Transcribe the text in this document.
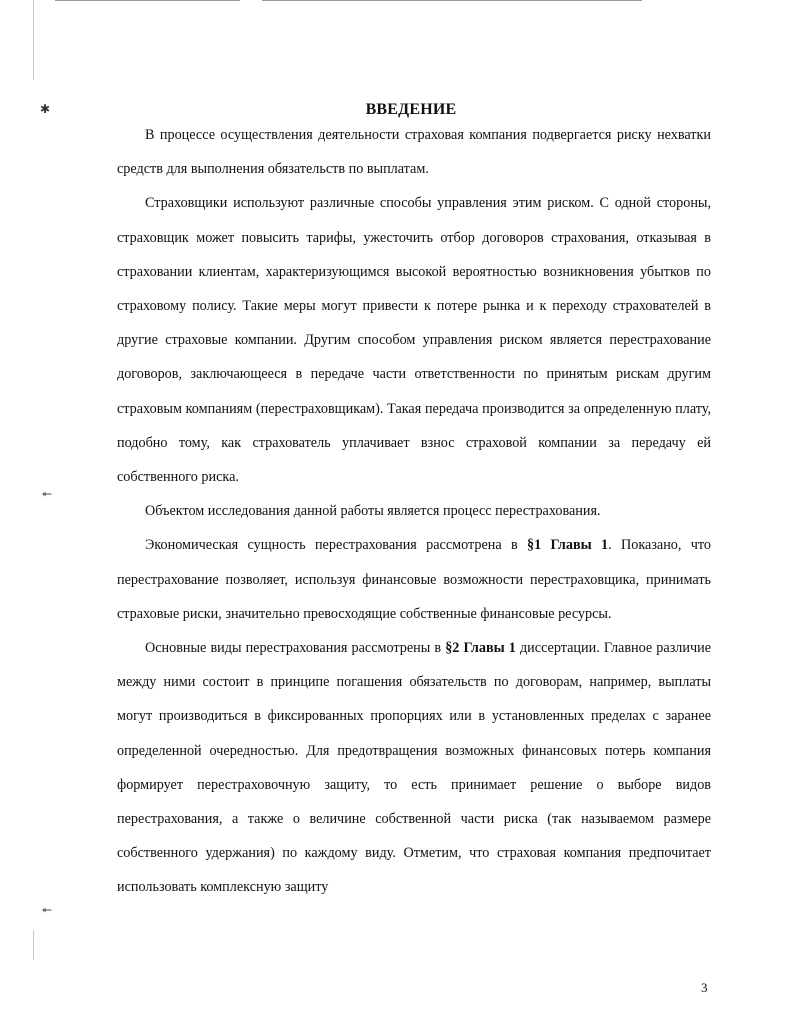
✱
↞
↞
ВВЕДЕНИЕ

В процессе осуществления деятельности страховая компания подвергается риску нехватки средств для выполнения обязательств по выплатам.

Страховщики используют различные способы управления этим риском. С одной стороны, страховщик может повысить тарифы, ужесточить отбор договоров страхования, отказывая в страховании клиентам, характеризующимся высокой вероятностью возникновения убытков по страховому полису. Такие меры могут привести к потере рынка и к переходу страхователей в другие страховые компании. Другим способом управления риском является перестрахование договоров, заключающееся в передаче части ответственности по принятым рискам другим страховым компаниям (перестраховщикам). Такая передача производится за определенную плату, подобно тому, как страхователь уплачивает взнос страховой компании за передачу ей собственного риска.

Объектом исследования данной работы является процесс перестрахования.

Экономическая сущность перестрахования рассмотрена в §1 Главы 1. Показано, что перестрахование позволяет, используя финансовые возможности перестраховщика, принимать страховые риски, значительно превосходящие собственные финансовые ресурсы.

Основные виды перестрахования рассмотрены в §2 Главы 1 диссертации. Главное различие между ними состоит в принципе погашения обязательств по договорам, например, выплаты могут производиться в фиксированных пропорциях или в установленных пределах с заранее определенной очередностью. Для предотвращения возможных финансовых потерь компания формирует перестраховочную защиту, то есть принимает решение о выборе видов перестрахования, а также о величине собственной части риска (так называемом размере собственного удержания) по каждому виду. Отметим, что страховая компания предпочитает использовать комплексную защиту

3
